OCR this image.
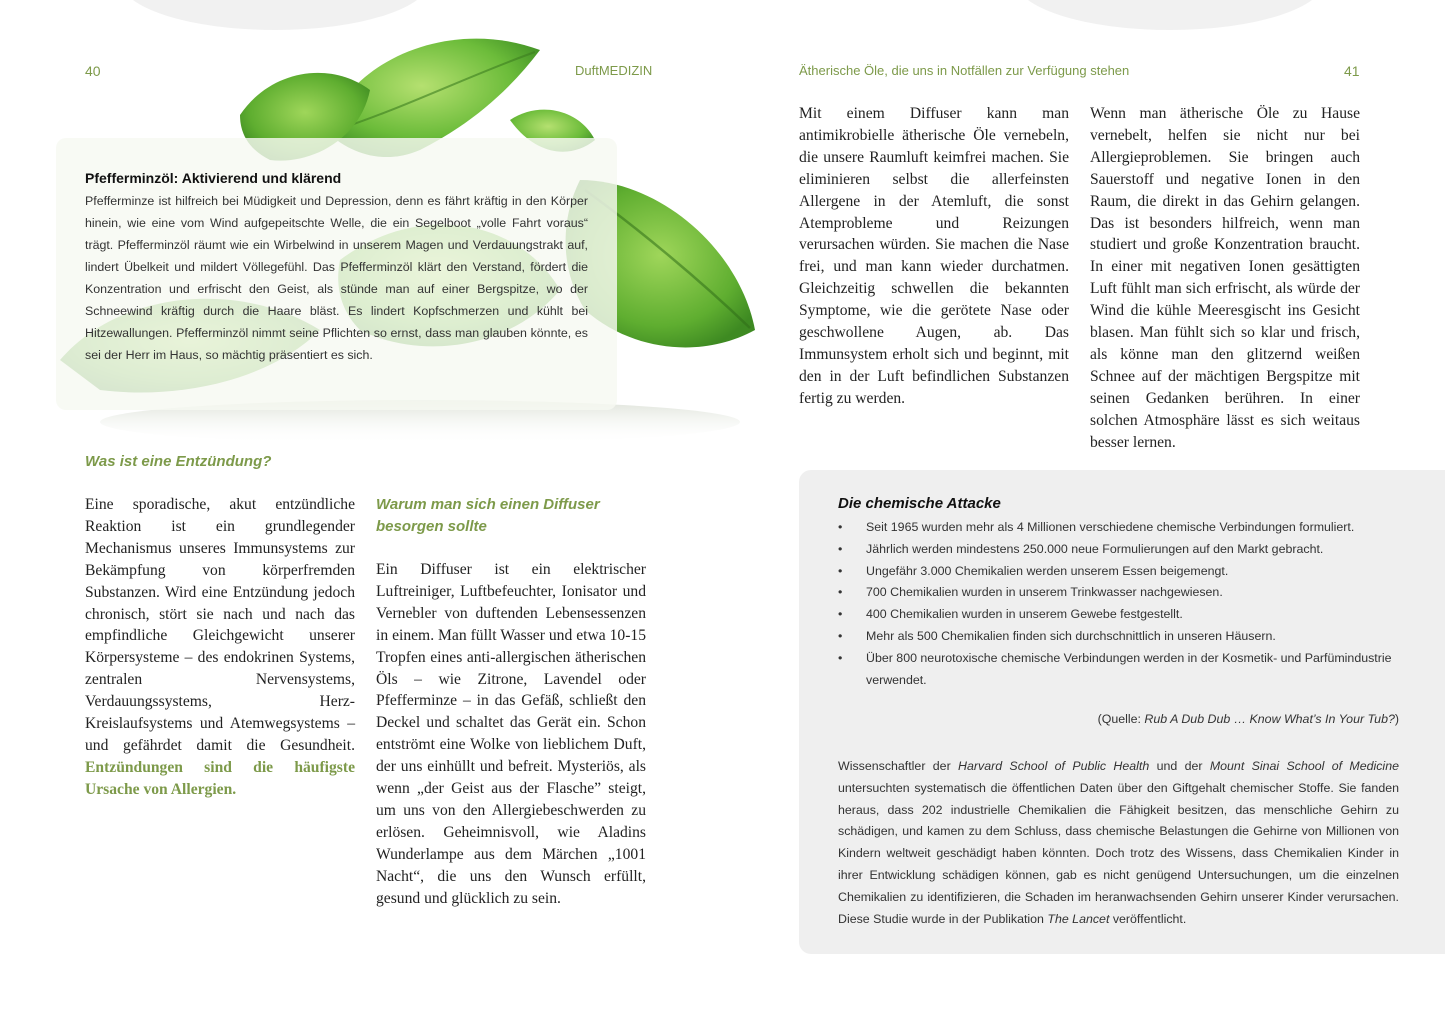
40	DuftMEDIZIN	Ätherische Öle, die uns in Notfällen zur Verfügung stehen	41
Pfefferminzöl: Aktivierend und klärend

Pfefferminze ist hilfreich bei Müdigkeit und Depression, denn es fährt kräftig in den Körper hinein, wie eine vom Wind aufgepeitschte Welle, die ein Segelboot „volle Fahrt voraus“ trägt. Pfefferminzöl räumt wie ein Wirbelwind in unserem Magen und Verdauungstrakt auf, lindert Übelkeit und mildert Völlegefühl. Das Pfefferminzöl klärt den Verstand, fördert die Konzentration und erfrischt den Geist, als stünde man auf einer Bergspitze, wo der Schneewind kräftig durch die Haare bläst. Es lindert Kopfschmerzen und kühlt bei Hitzewallungen. Pfefferminzöl nimmt seine Pflichten so ernst, dass man glauben könnte, es sei der Herr im Haus, so mächtig präsentiert es sich.

Was ist eine Entzündung?
Eine sporadische, akut entzündliche Reaktion ist ein grundlegender Mechanismus unseres Immunsystems zur Bekämpfung von körperfremden Substanzen. Wird eine Entzündung jedoch chronisch, stört sie nach und nach das empfindliche Gleichgewicht unserer Körpersysteme – des endokrinen Systems, zentralen Nervensystems, Verdauungssystems, Herz-Kreislaufsystems und Atemwegsystems – und gefährdet damit die Gesundheit. Entzündungen sind die häufigste Ursache von Allergien.
Warum man sich einen Diffuser besorgen sollte

Ein Diffuser ist ein elektrischer Luftreiniger, Luftbefeuchter, Ionisator und Vernebler von duftenden Lebensessenzen in einem. Man füllt Wasser und etwa 10-15 Tropfen eines anti-allergischen ätherischen Öls – wie Zitrone, Lavendel oder Pfefferminze – in das Gefäß, schließt den Deckel und schaltet das Gerät ein. Schon entströmt eine Wolke von lieblichem Duft, der uns einhüllt und befreit. Mysteriös, als wenn „der Geist aus der Flasche” steigt, um uns von den Allergiebeschwerden zu erlösen. Geheimnisvoll, wie Aladins Wunderlampe aus dem Märchen „1001 Nacht“, die uns den Wunsch erfüllt, gesund und glücklich zu sein.

Mit einem Diffuser kann man antimikrobielle ätherische Öle vernebeln, die unsere Raumluft keimfrei machen. Sie eliminieren selbst die allerfeinsten Allergene in der Atemluft, die sonst Atemprobleme und Reizungen verursachen würden. Sie machen die Nase frei, und man kann wieder durchatmen. Gleichzeitig schwellen die bekannten Symptome, wie die gerötete Nase oder geschwollene Augen, ab. Das Immunsystem erholt sich und beginnt, mit den in der Luft befindlichen Substanzen fertig zu werden.

Wenn man ätherische Öle zu Hause vernebelt, helfen sie nicht nur bei Allergieproblemen. Sie bringen auch Sauerstoff und negative Ionen in den Raum, die direkt in das Gehirn gelangen. Das ist besonders hilfreich, wenn man studiert und große Konzentration braucht. In einer mit negativen Ionen gesättigten Luft fühlt man sich erfrischt, als würde der Wind die kühle Meeresgischt ins Gesicht blasen. Man fühlt sich so klar und frisch, als könne man den glitzernd weißen Schnee auf der mächtigen Bergspitze mit seinen Gedanken berühren. In einer solchen Atmosphäre lässt es sich weitaus besser lernen.

Die chemische Attacke
• Seit 1965 wurden mehr als 4 Millionen verschiedene chemische Verbindungen formuliert.
• Jährlich werden mindestens 250.000 neue Formulierungen auf den Markt gebracht.
• Ungefähr 3.000 Chemikalien werden unserem Essen beigemengt.
• 700 Chemikalien wurden in unserem Trinkwasser nachgewiesen.
• 400 Chemikalien wurden in unserem Gewebe festgestellt.
• Mehr als 500 Chemikalien finden sich durchschnittlich in unseren Häusern.
• Über 800 neurotoxische chemische Verbindungen werden in der Kosmetik- und Parfümindustrie verwendet.
(Quelle: Rub A Dub Dub … Know What’s In Your Tub?)

Wissenschaftler der Harvard School of Public Health und der Mount Sinai School of Medicine untersuchten systematisch die öffentlichen Daten über den Giftgehalt chemischer Stoffe. Sie fanden heraus, dass 202 industrielle Chemikalien die Fähigkeit besitzen, das menschliche Gehirn zu schädigen, und kamen zu dem Schluss, dass chemische Belastungen die Gehirne von Millionen von Kindern weltweit geschädigt haben könnten. Doch trotz des Wissens, dass Chemikalien Kinder in ihrer Entwicklung schädigen können, gab es nicht genügend Untersuchungen, um die einzelnen Chemikalien zu identifizieren, die Schaden im heranwachsenden Gehirn unserer Kinder verursachen. Diese Studie wurde in der Publikation The Lancet veröffentlicht.
